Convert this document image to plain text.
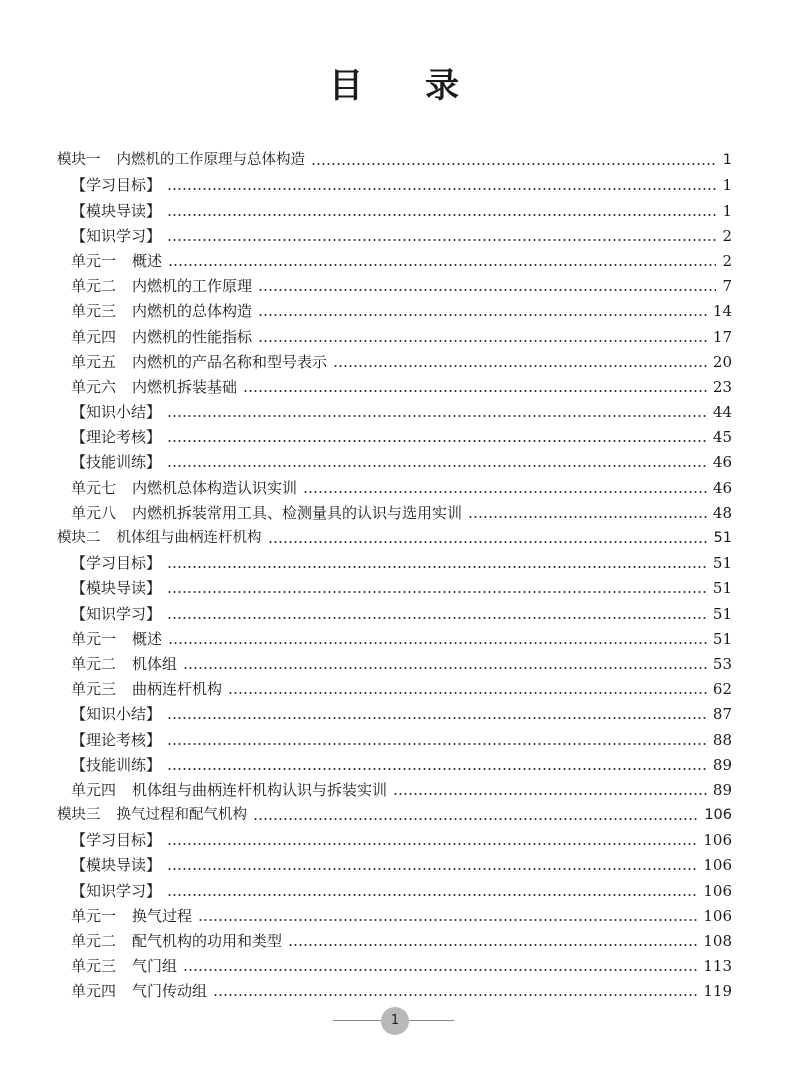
目 录
模块一 内燃机的工作原理与总体构造	1
【学习目标】	1
【模块导读】	1
【知识学习】	2
单元一 概述	2
单元二 内燃机的工作原理	7
单元三 内燃机的总体构造	14
单元四 内燃机的性能指标	17
单元五 内燃机的产品名称和型号表示	20
单元六 内燃机拆装基础	23
【知识小结】	44
【理论考核】	45
【技能训练】	46
单元七 内燃机总体构造认识实训	46
单元八 内燃机拆装常用工具、检测量具的认识与选用实训	48
模块二 机体组与曲柄连杆机构	51
【学习目标】	51
【模块导读】	51
【知识学习】	51
单元一 概述	51
单元二 机体组	53
单元三 曲柄连杆机构	62
【知识小结】	87
【理论考核】	88
【技能训练】	89
单元四 机体组与曲柄连杆机构认识与拆装实训	89
模块三 换气过程和配气机构	106
【学习目标】	106
【模块导读】	106
【知识学习】	106
单元一 换气过程	106
单元二 配气机构的功用和类型	108
单元三 气门组	113
单元四 气门传动组	119
1
